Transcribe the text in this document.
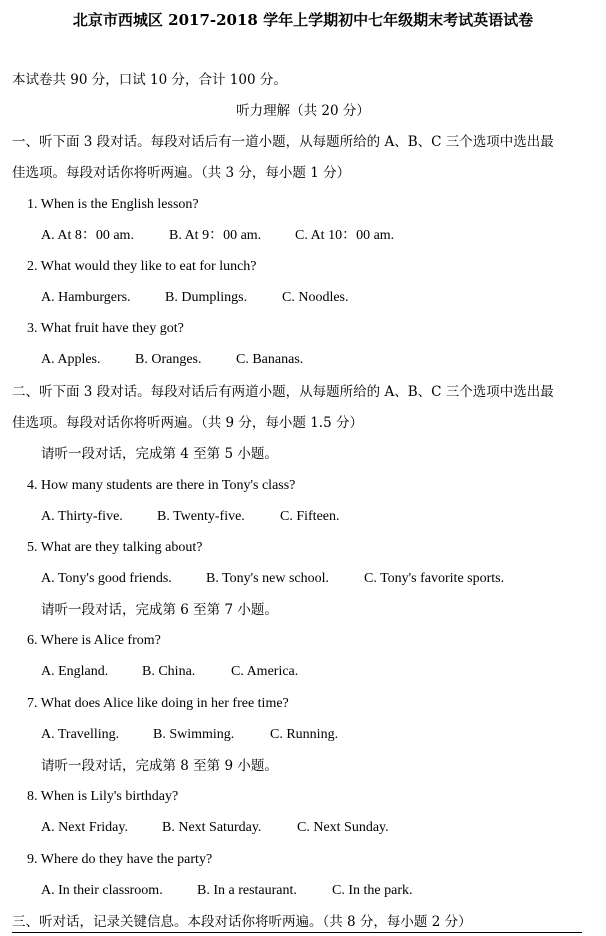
北京市西城区 2017-2018 学年上学期初中七年级期末考试英语试卷
本试卷共 90 分，口试 10 分，合计 100 分。
听力理解（共 20 分）
一、听下面 3 段对话。每段对话后有一道小题，从每题所给的 A、B、C 三个选项中选出最
佳选项。每段对话你将听两遍。（共 3 分，每小题 1 分）
1. When is the English lesson?
A. At 8：00 am.	B. At 9：00 am. C. At 10：00 am.
2. What would they like to eat for lunch?
A. Hamburgers. B. Dumplings. C. Noodles.
3. What fruit have they got?
A. Apples. B. Oranges. C. Bananas.
二、听下面 3 段对话。每段对话后有两道小题，从每题所给的 A、B、C 三个选项中选出最
佳选项。每段对话你将听两遍。（共 9 分，每小题 1.5 分）
请听一段对话，完成第 4 至第 5 小题。
4. How many students are there in Tony's class?
A. Thirty-five. B. Twenty-five.	C. Fifteen.
5. What are they talking about?
A. Tony's good friends. B. Tony's new school. C. Tony's favorite sports.
请听一段对话，完成第 6 至第 7 小题。
6. Where is Alice from?
A. England. B. China.	C. America.
7. What does Alice like doing in her free time?
A. Travelling. B. Swimming.	C. Running.
请听一段对话，完成第 8 至第 9 小题。
8. When is Lily's birthday?
A. Next Friday. B. Next Saturday.	C. Next Sunday.
9. Where do they have the party?
A. In their classroom. B. In a restaurant.	C. In the park.
三、听对话，记录关键信息。本段对话你将听两遍。（共 8 分，每小题 2 分）
